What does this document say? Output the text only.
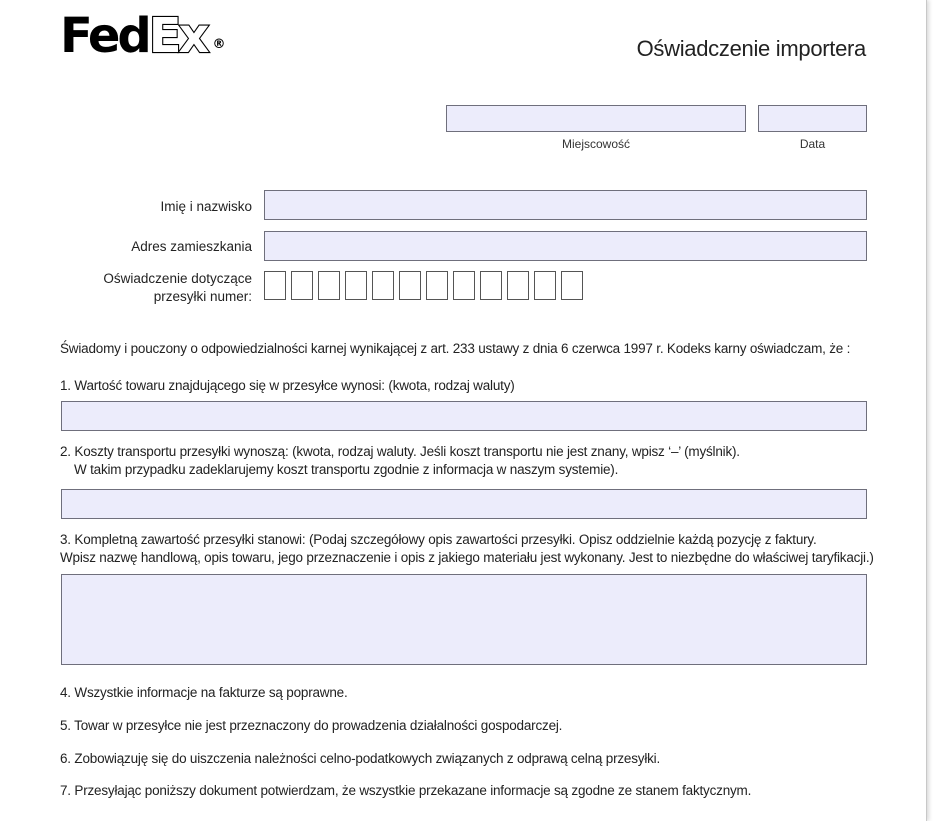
FedEx ®	Oświadczenie importera
Miejscowość	Data
Imię i nazwisko
Adres zamieszkania
Oświadczenie dotyczące
przesyłki numer:
Świadomy i pouczony o odpowiedzialności karnej wynikającej z art. 233 ustawy z dnia 6 czerwca 1997 r. Kodeks karny oświadczam, że :
1. Wartość towaru znajdującego się w przesyłce wynosi: (kwota, rodzaj waluty)
2. Koszty transportu przesyłki wynoszą: (kwota, rodzaj waluty. Jeśli koszt transportu nie jest znany, wpisz ‘–’ (myślnik).
W takim przypadku zadeklarujemy koszt transportu zgodnie z informacja w naszym systemie).
3. Kompletną zawartość przesyłki stanowi: (Podaj szczegółowy opis zawartości przesyłki. Opisz oddzielnie każdą pozycję z faktury.
Wpisz nazwę handlową, opis towaru, jego przeznaczenie i opis z jakiego materiału jest wykonany. Jest to niezbędne do właściwej taryfikacji.)
4. Wszystkie informacje na fakturze są poprawne.
5. Towar w przesyłce nie jest przeznaczony do prowadzenia działalności gospodarczej.
6. Zobowiązuję się do uiszczenia należności celno-podatkowych związanych z odprawą celną przesyłki.
7. Przesyłając poniższy dokument potwierdzam, że wszystkie przekazane informacje są zgodne ze stanem faktycznym.
